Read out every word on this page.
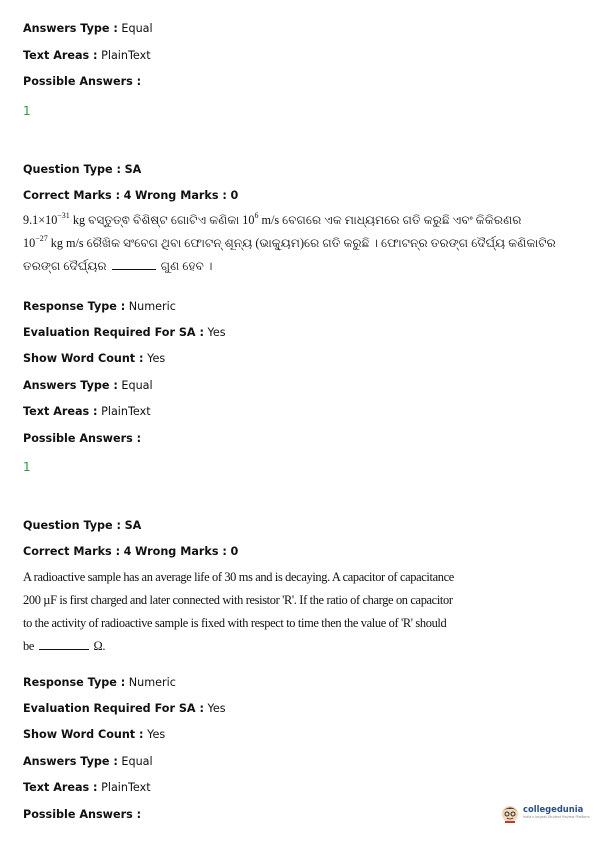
Answers Type : Equal
Text Areas : PlainText
Possible Answers :
1
Question Type : SA
Correct Marks : 4 Wrong Marks : 0
$9.1\times 10^{-31}$ kg ବସ୍ତୁତ୍ଵ ବିଶିଷ୍ଟ ଗୋଟିଏ କଣିକା $10^6$ m/s ବେଗରେ ଏକ ମାଧ୍ୟମରେ ଗତି କରୁଛି ଏବଂ କିକିରଣର
$10^{-27}$ kg m/s ରୈଖିକ ସଂବେଗ ଥିବା ଫୋଟନ୍ ଶୂନ୍ୟ (ଭାକ୍ୟୁମ)ରେ ଗତି କରୁଛି । ଫୋଟନ୍‌ର ତରଙ୍ଗ ଦୈର୍ଘ୍ୟ କଣିକାଟିର
ତରଙ୍ଗ ଦୈର୍ଘ୍ୟର	ଗୁଣ ହେବ ।
Response Type : Numeric
Evaluation Required For SA : Yes
Show Word Count : Yes
Answers Type : Equal
Text Areas : PlainText
Possible Answers :
1
Question Type : SA
Correct Marks : 4 Wrong Marks : 0
A radioactive sample has an average life of 30 ms and is decaying. A capacitor of capacitance
200 µF is first charged and later connected with resistor 'R'. If the ratio of charge on capacitor
to the activity of radioactive sample is fixed with respect to time then the value of 'R' should
be	Ω.
Response Type : Numeric
Evaluation Required For SA : Yes
Show Word Count : Yes
Answers Type : Equal
Text Areas : PlainText
Possible Answers :	collegedunia
India's largest Student Review Platform
